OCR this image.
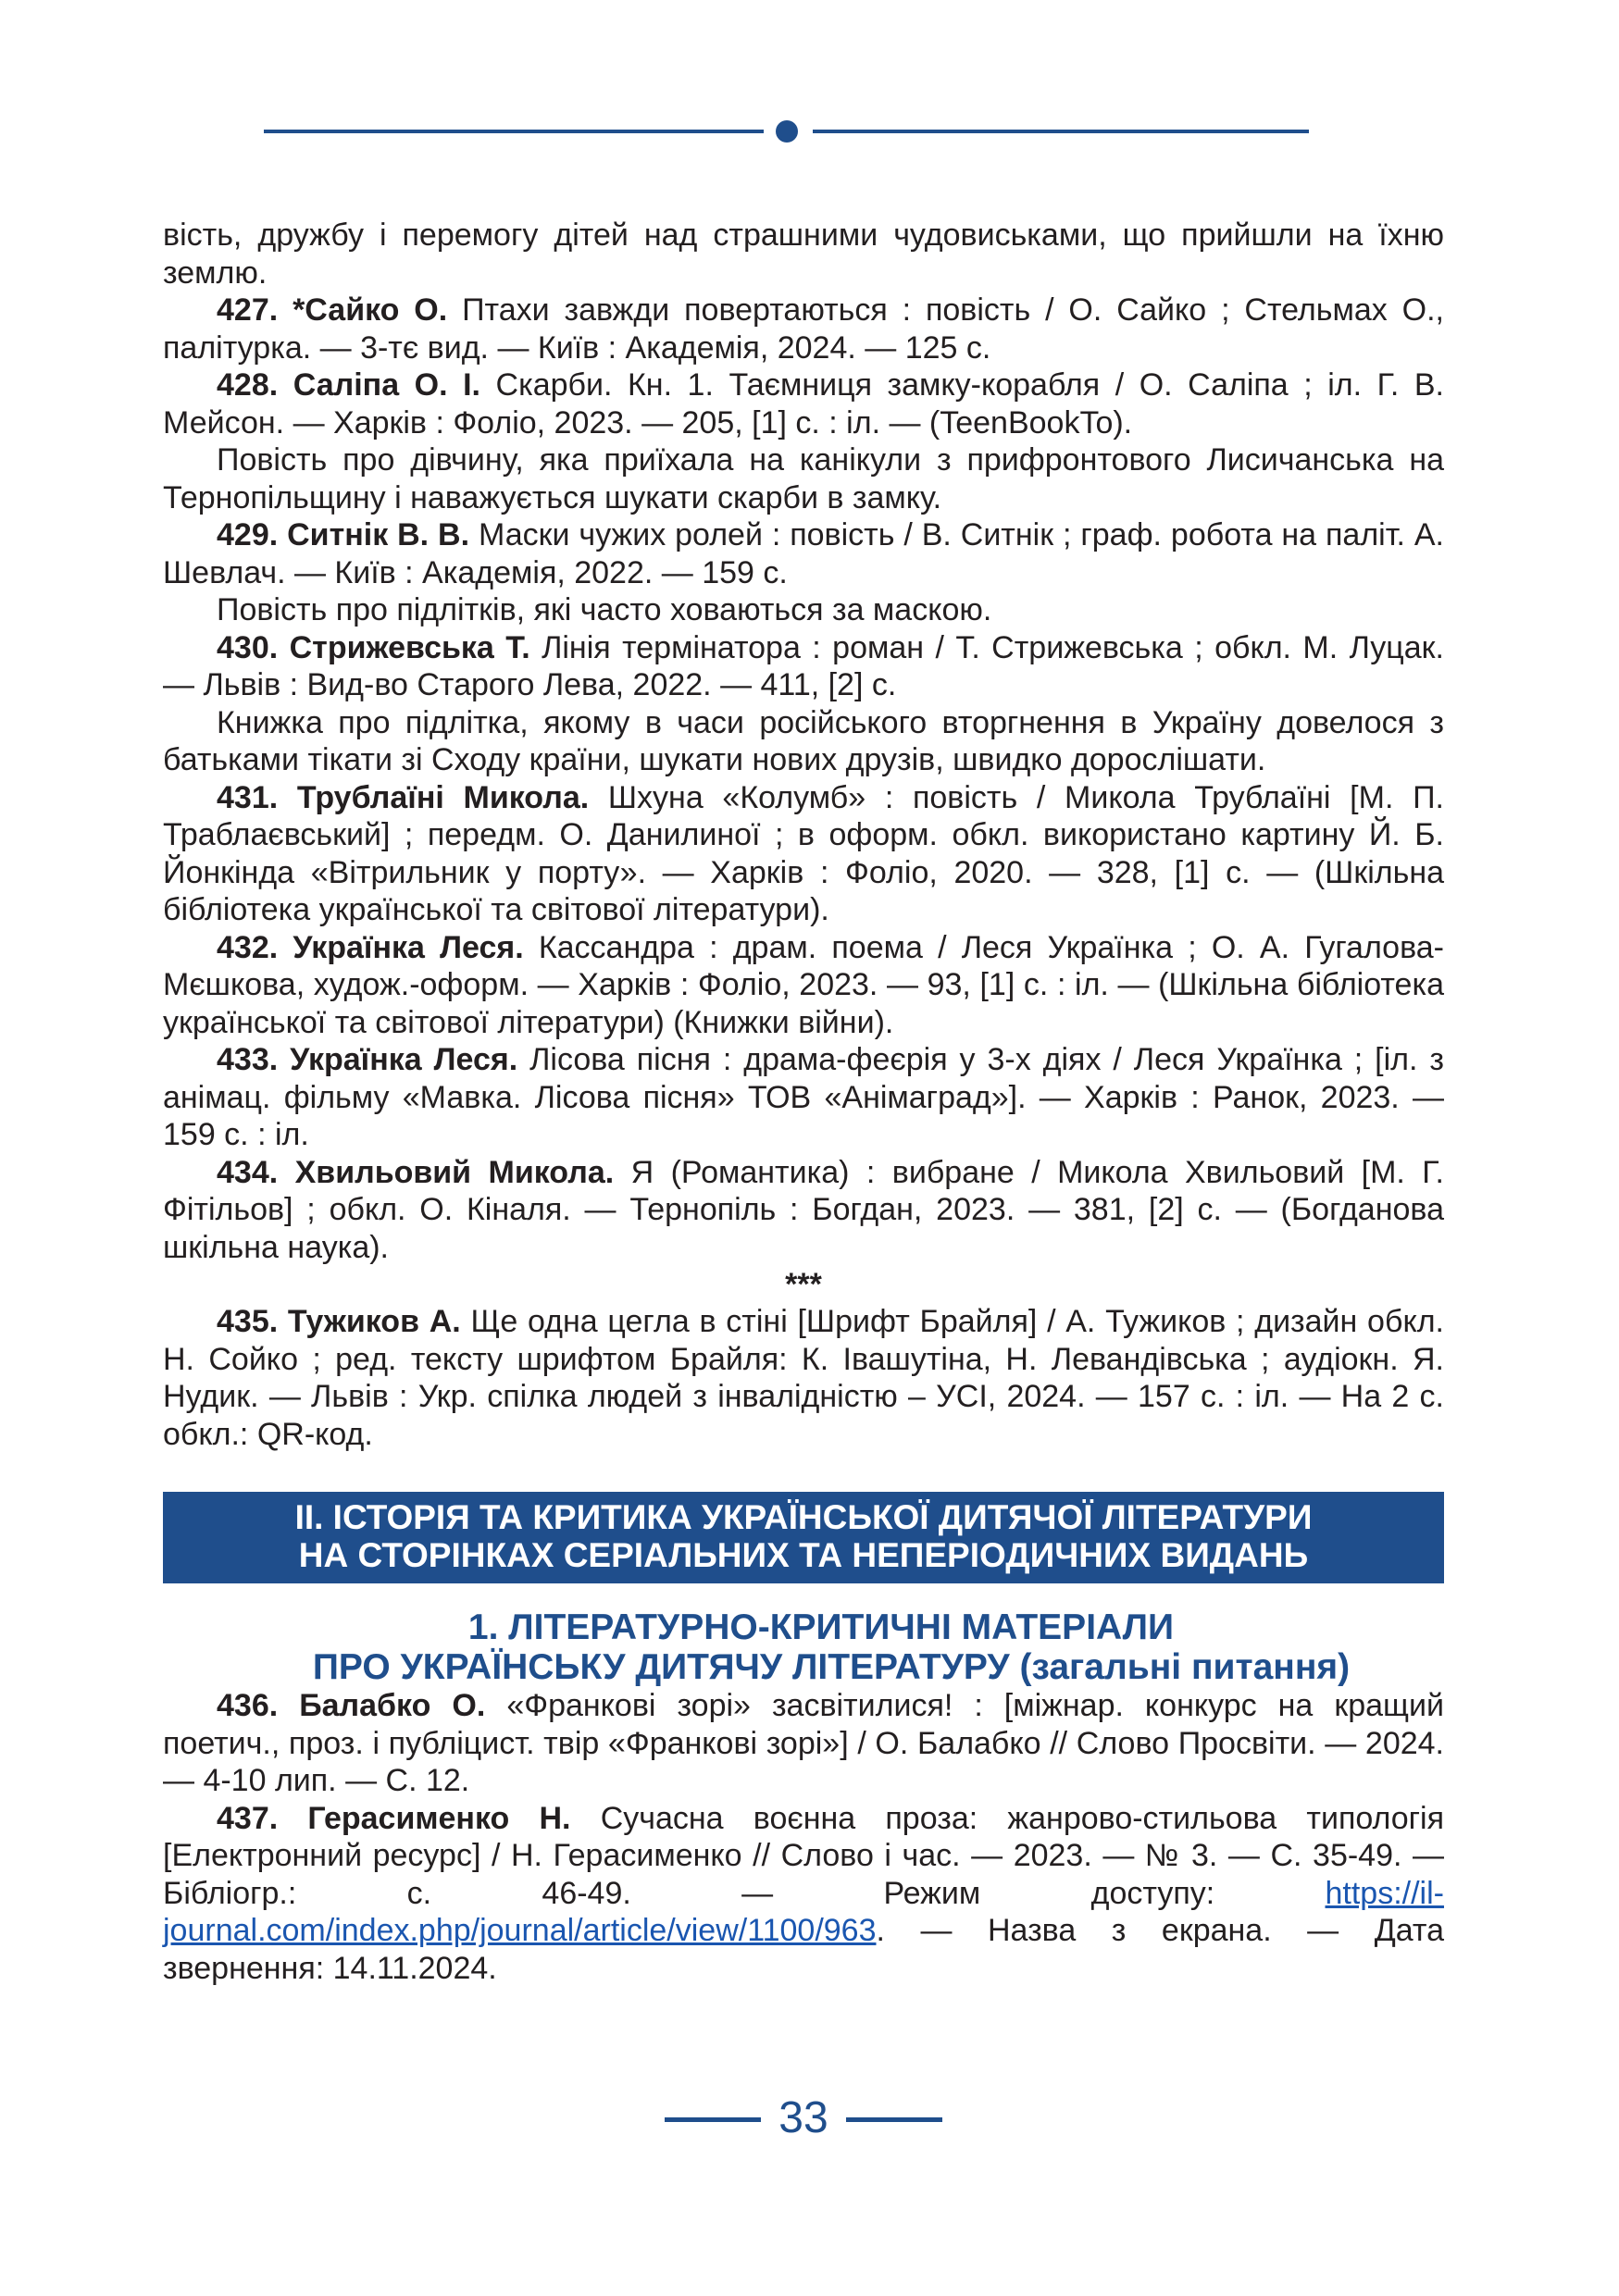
вість, дружбу і перемогу дітей над страшними чудовиськами, що прийшли на їхню землю.

427. *Сайко О. Птахи завжди повертаються : повість / О. Сайко ; Стельмах О., палітурка. — 3-тє вид. — Київ : Академія, 2024. — 125 с.

428. Саліпа О. І. Скарби. Кн. 1. Таємниця замку-корабля / О. Саліпа ; іл. Г. В. Мейсон. — Харків : Фоліо, 2023. — 205, [1] с. : іл. — (TeenBookTo).

Повість про дівчину, яка приїхала на канікули з прифронтового Лисичанська на Тернопільщину і наважується шукати скарби в замку.

429. Ситнік В. В. Маски чужих ролей : повість / В. Ситнік ; граф. робота на паліт. А. Шевлач. — Київ : Академія, 2022. — 159 с.

Повість про підлітків, які часто ховаються за маскою.

430. Стрижевська Т. Лінія термінатора : роман / Т. Стрижевська ; обкл. М. Луцак. — Львів : Вид-во Старого Лева, 2022. — 411, [2] с.

Книжка про підлітка, якому в часи російського вторгнення в Україну довелося з батьками тікати зі Сходу країни, шукати нових друзів, швидко дорослішати.

431. Трублаїні Микола. Шхуна «Колумб» : повість / Микола Трублаїні [М. П. Траблаєвський] ; передм. О. Данилиної ; в оформ. обкл. використано картину Й. Б. Йонкінда «Вітрильник у порту». — Харків : Фоліо, 2020. — 328, [1] с. — (Шкільна бібліотека української та світової літератури).

432. Українка Леся. Кассандра : драм. поема / Леся Українка ; О. А. Гугалова-Мєшкова, худож.-оформ. — Харків : Фоліо, 2023. — 93, [1] с. : іл. — (Шкільна бібліотека української та світової літератури) (Книжки війни).

433. Українка Леся. Лісова пісня : драма-феєрія у 3-х діях / Леся Українка ; [іл. з анімац. фільму «Мавка. Лісова пісня» ТОВ «Анімаград»]. — Харків : Ранок, 2023. — 159 с. : іл.

434. Хвильовий Микола. Я (Романтика) : вибране / Микола Хвильовий [М. Г. Фітільов] ; обкл. О. Кіналя. — Тернопіль : Богдан, 2023. — 381, [2] с. — (Богданова шкільна наука).

***

435. Тужиков А. Ще одна цегла в стіні [Шрифт Брайля] / А. Тужиков ; дизайн обкл. Н. Сойко ; ред. тексту шрифтом Брайля: К. Івашутіна, Н. Левандівська ; аудіокн. Я. Нудик. — Львів : Укр. спілка людей з інвалідністю – УСІ, 2024. — 157 с. : іл. — На 2 с. обкл.: QR-код.

ІІ. ІСТОРІЯ ТА КРИТИКА УКРАЇНСЬКОЇ ДИТЯЧОЇ ЛІТЕРАТУРИ
НА СТОРІНКАХ СЕРІАЛЬНИХ ТА НЕПЕРІОДИЧНИХ ВИДАНЬ
1. ЛІТЕРАТУРНО-КРИТИЧНІ МАТЕРІАЛИ
ПРО УКРАЇНСЬКУ ДИТЯЧУ ЛІТЕРАТУРУ (загальні питання)

436. Балабко О. «Франкові зорі» засвітилися! : [міжнар. конкурс на кращий поетич., проз. і публіцист. твір «Франкові зорі»] / О. Балабко // Слово Просвіти. — 2024. — 4-10 лип. — С. 12.

437. Герасименко Н. Сучасна воєнна проза: жанрово-стильова типологія [Електронний ресурс] / Н. Герасименко // Слово і час. — 2023. — № 3. — С. 35-49. — Бібліогр.: с. 46-49. — Режим доступу:	https://il-journal.com/index.php/journal/article/view/1100/963. — Назва з екрана. — Дата звернення: 14.11.2024.

33
